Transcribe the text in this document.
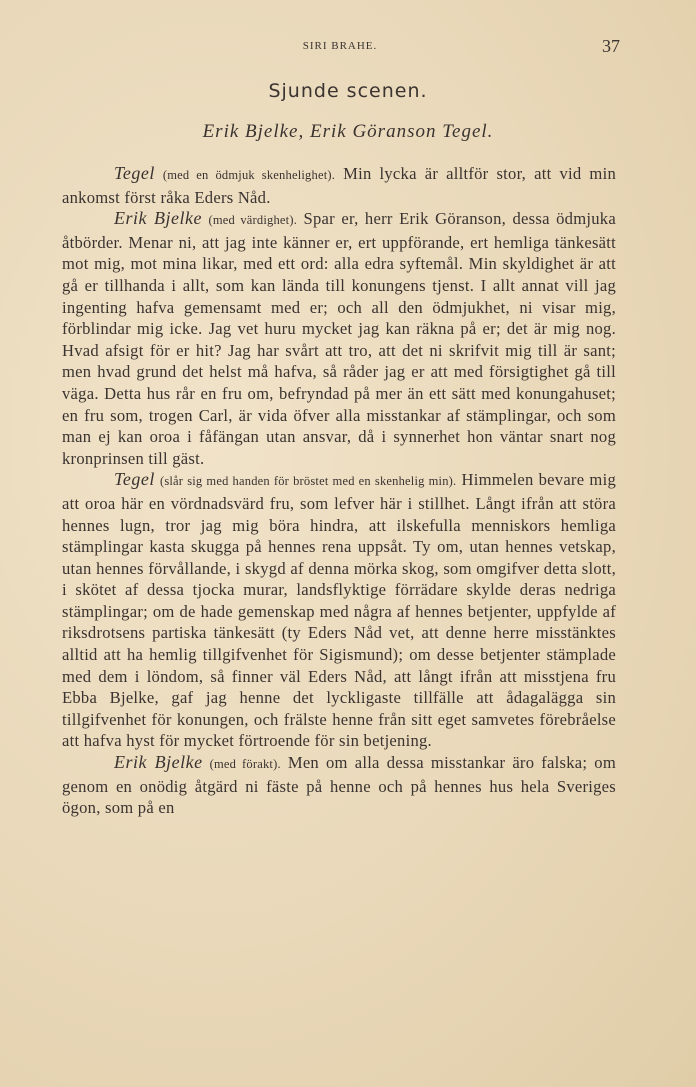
SIRI BRAHE.	37
Sjunde scenen.
Erik Bjelke, Erik Göranson Tegel.

Tegel (med en ödmjuk skenhelighet). Min lycka är alltför stor, att vid min ankomst först råka Eders Nåd.

Erik Bjelke (med värdighet). Spar er, herr Erik Göranson, dessa ödmjuka åtbörder. Menar ni, att jag inte känner er, ert uppförande, ert hemliga tänkesätt mot mig, mot mina likar, med ett ord: alla edra syftemål. Min skyldighet är att gå er tillhanda i allt, som kan lända till konungens tjenst. I allt annat vill jag ingenting hafva gemensamt med er; och all den ödmjukhet, ni visar mig, förblindar mig icke. Jag vet huru mycket jag kan räkna på er; det är mig nog. Hvad afsigt för er hit? Jag har svårt att tro, att det ni skrifvit mig till är sant; men hvad grund det helst må hafva, så råder jag er att med försigtighet gå till väga. Detta hus rår en fru om, befryndad på mer än ett sätt med konungahuset; en fru som, trogen Carl, är vida öfver alla misstankar af stämplingar, och som man ej kan oroa i fåfängan utan ansvar, då i synnerhet hon väntar snart nog kronprinsen till gäst.

Tegel (slår sig med handen för bröstet med en skenhelig min). Himmelen bevare mig att oroa här en vördnadsvärd fru, som lefver här i stillhet. Långt ifrån att störa hennes lugn, tror jag mig böra hindra, att ilskefulla menniskors hemliga stämplingar kasta skugga på hennes rena uppsåt. Ty om, utan hennes vetskap, utan hennes förvållande, i skygd af denna mörka skog, som omgifver detta slott, i skötet af dessa tjocka murar, landsflyktige förrädare skylde deras nedriga stämplingar; om de hade gemenskap med några af hennes betjenter, uppfylde af riksdrotsens partiska tänkesätt (ty Eders Nåd vet, att denne herre misstänktes alltid att ha hemlig tillgifvenhet för Sigismund); om desse betjenter stämplade med dem i löndom, så finner väl Eders Nåd, att långt ifrån att misstjena fru Ebba Bjelke, gaf jag henne det lyckligaste tillfälle att ådagalägga sin tillgifvenhet för konungen, och frälste henne från sitt eget samvetes förebråelse att hafva hyst för mycket förtroende för sin betjening.

Erik Bjelke (med förakt). Men om alla dessa misstankar äro falska; om genom en onödig åtgärd ni fäste på henne och på hennes hus hela Sveriges ögon, som på en
